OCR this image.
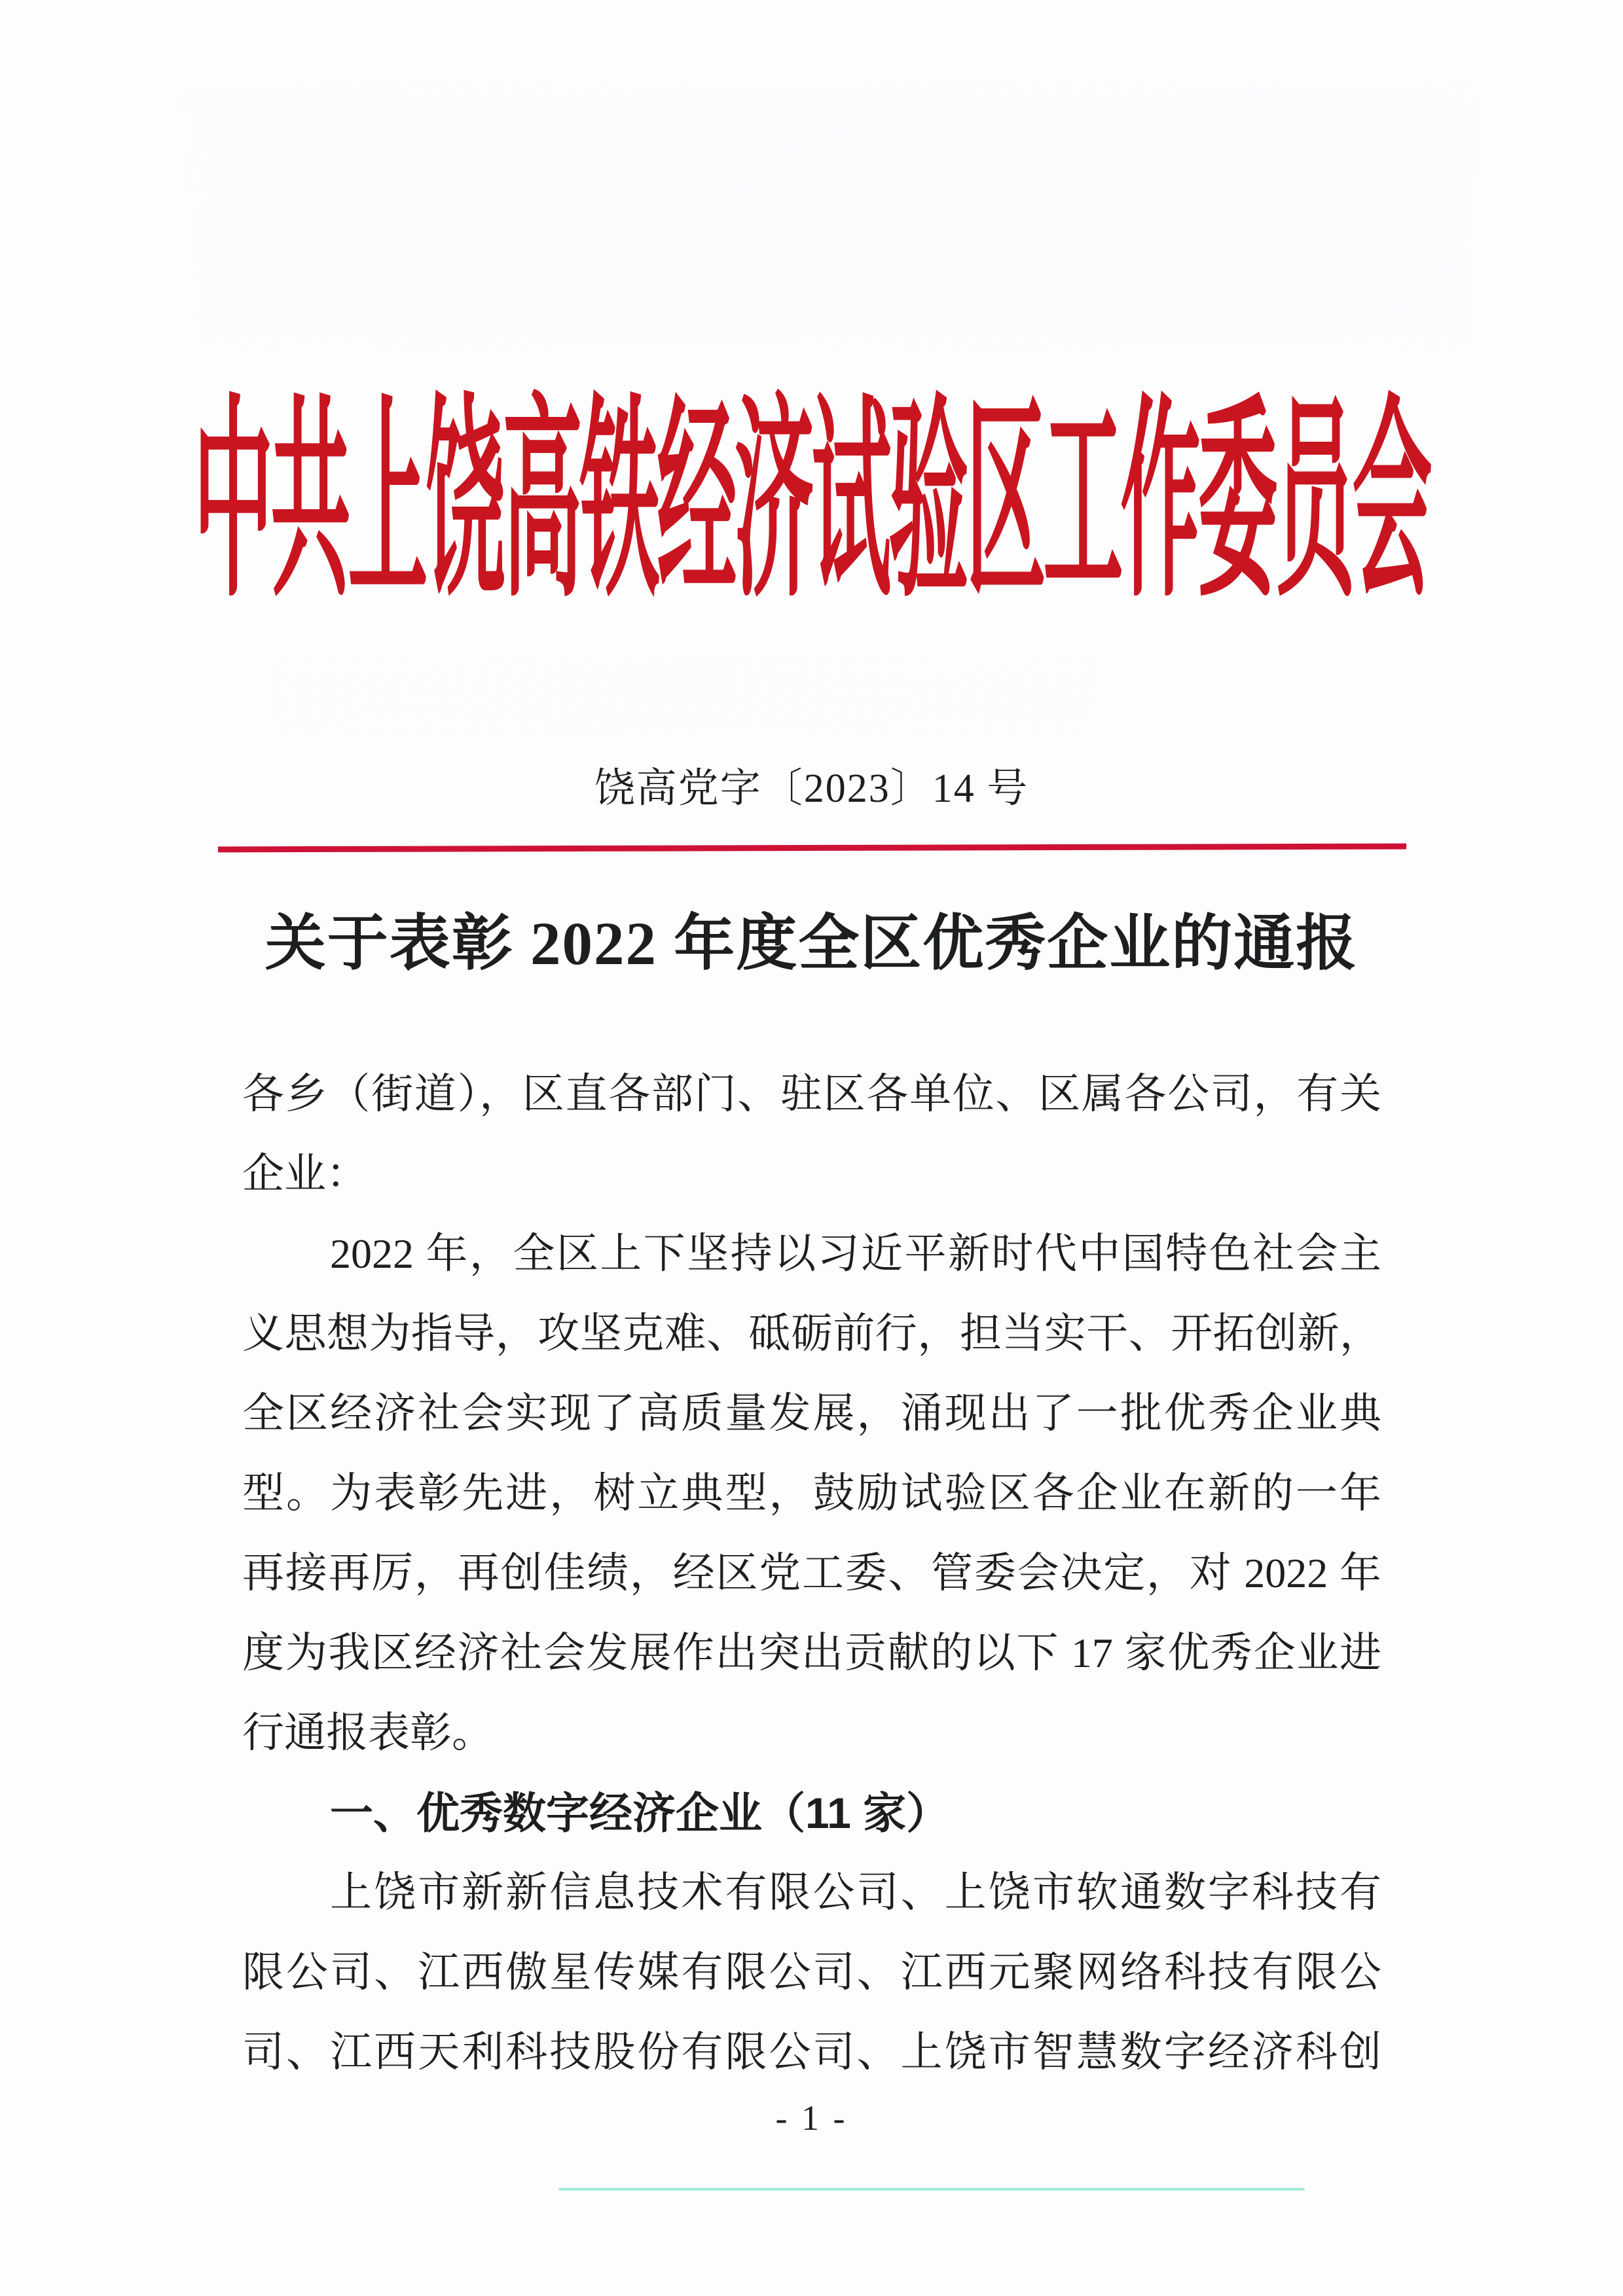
中共上饶高铁经济试验区工作委员会
饶高党字〔2023〕14 号
关于表彰 2022 年度全区优秀企业的通报

各乡（街道），区直各部门、驻区各单位、区属各公司，有关

企业：

2022 年，全区上下坚持以习近平新时代中国特色社会主

义思想为指导，攻坚克难、砥砺前行，担当实干、开拓创新，

全区经济社会实现了高质量发展，涌现出了一批优秀企业典

型。为表彰先进，树立典型，鼓励试验区各企业在新的一年

再接再厉，再创佳绩，经区党工委、管委会决定，对 2022 年

度为我区经济社会发展作出突出贡献的以下 17 家优秀企业进

行通报表彰。

一、优秀数字经济企业（11 家）

上饶市新新信息技术有限公司、上饶市软通数字科技有

限公司、江西傲星传媒有限公司、江西元聚网络科技有限公

司、江西天利科技股份有限公司、上饶市智慧数字经济科创

- 1 -
